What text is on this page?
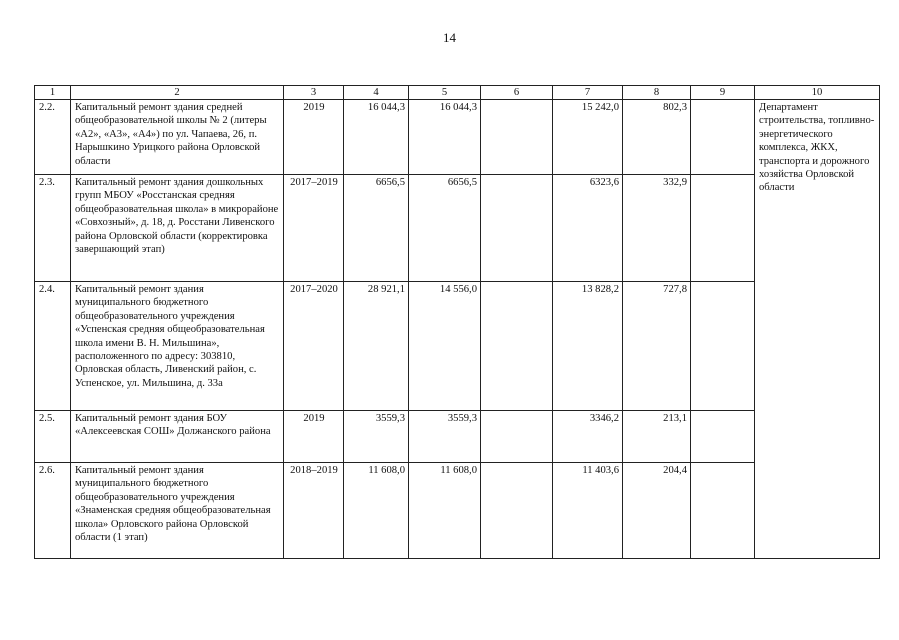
14
1	2	3	4	5	6	7	8	9	10
2.2.	Капитальный ремонт здания средней общеобразовательной школы № 2 (литеры «А2», «А3», «А4») по ул. Чапаева, 26, п. Нарышкино Урицкого района Орловской области	2019	16 044,3	16 044,3		15 242,0	802,3		Департамент строительства, топливно-энергетического комплекса, ЖКХ, транспорта и дорожного хозяйства Орловской области
2.3.	Капитальный ремонт здания дошкольных групп МБОУ «Росстанская средняя общеобразовательная школа» в микрорайоне «Совхозный», д. 18, д. Росстани Ливенского района Орловской области (корректировка завершающий этап)	2017–2019	6656,5	6656,5		6323,6	332,9		
2.4.	Капитальный ремонт здания муниципального бюджетного общеобразовательного учреждения «Успенская средняя общеобразовательная школа имени В. Н. Мильшина», расположенного по адресу: 303810, Орловская область, Ливенский район, с. Успенское, ул. Мильшина, д. 33а	2017–2020	28 921,1	14 556,0		13 828,2	727,8		
2.5.	Капитальный ремонт здания БОУ «Алексеевская СОШ» Должанского района	2019	3559,3	3559,3		3346,2	213,1		
2.6.	Капитальный ремонт здания муниципального бюджетного общеобразовательного учреждения «Знаменская средняя общеобразовательная школа» Орловского района Орловской области (1 этап)	2018–2019	11 608,0	11 608,0		11 403,6	204,4		
